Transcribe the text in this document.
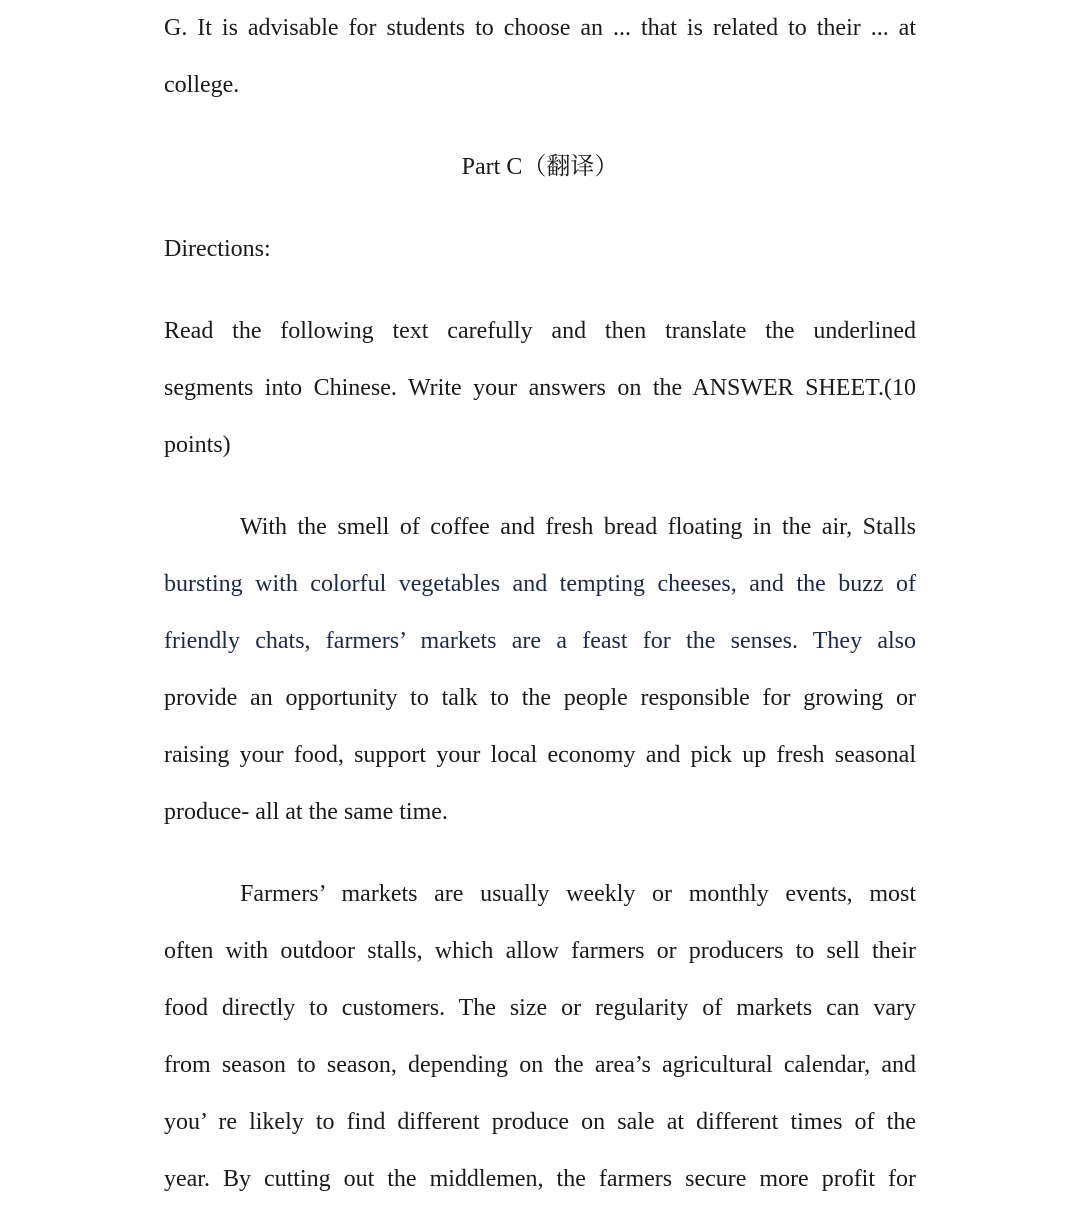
G. It is advisable for students to choose an ... that is related to their ... at
college.
Part C（翻译）
Directions:
Read the following text carefully and then translate the underlined
segments into Chinese. Write your answers on the ANSWER SHEET.(10
points)
With the smell of coffee and fresh bread floating in the air, Stalls
bursting with colorful vegetables and tempting cheeses, and the buzz of
friendly chats, farmers’ markets are a feast for the senses. They also
provide an opportunity to talk to the people responsible for growing or
raising your food, support your local economy and pick up fresh seasonal
produce- all at the same time.
Farmers’ markets are usually weekly or monthly events, most
often with outdoor stalls, which allow farmers or producers to sell their
food directly to customers. The size or regularity of markets can vary
from season to season, depending on the area’s agricultural calendar, and
you’ re likely to find different produce on sale at different times of the
year. By cutting out the middlemen, the farmers secure more profit for
